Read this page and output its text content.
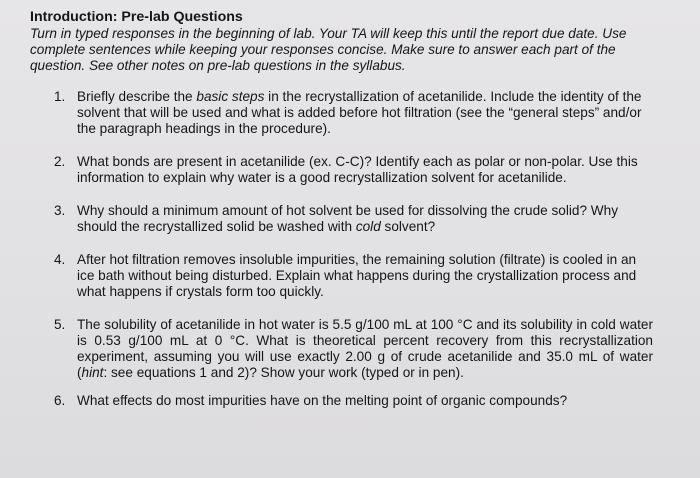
Introduction: Pre-lab Questions

Turn in typed responses in the beginning of lab. Your TA will keep this until the report due date. Use complete sentences while keeping your responses concise. Make sure to answer each part of the question. See other notes on pre-lab questions in the syllabus.

1. Briefly describe the basic steps in the recrystallization of acetanilide. Include the identity of the solvent that will be used and what is added before hot filtration (see the “general steps” and/or the paragraph headings in the procedure).
2. What bonds are present in acetanilide (ex. C-C)? Identify each as polar or non-polar. Use this information to explain why water is a good recrystallization solvent for acetanilide.
3. Why should a minimum amount of hot solvent be used for dissolving the crude solid? Why should the recrystallized solid be washed with cold solvent?
4. After hot filtration removes insoluble impurities, the remaining solution (filtrate) is cooled in an ice bath without being disturbed. Explain what happens during the crystallization process and what happens if crystals form too quickly.
5. The solubility of acetanilide in hot water is 5.5 g/100 mL at 100 °C and its solubility in cold water is 0.53 g/100 mL at 0 °C. What is theoretical percent recovery from this recrystallization experiment, assuming you will use exactly 2.00 g of crude acetanilide and 35.0 mL of water (hint: see equations 1 and 2)? Show your work (typed or in pen).
6. What effects do most impurities have on the melting point of organic compounds?
